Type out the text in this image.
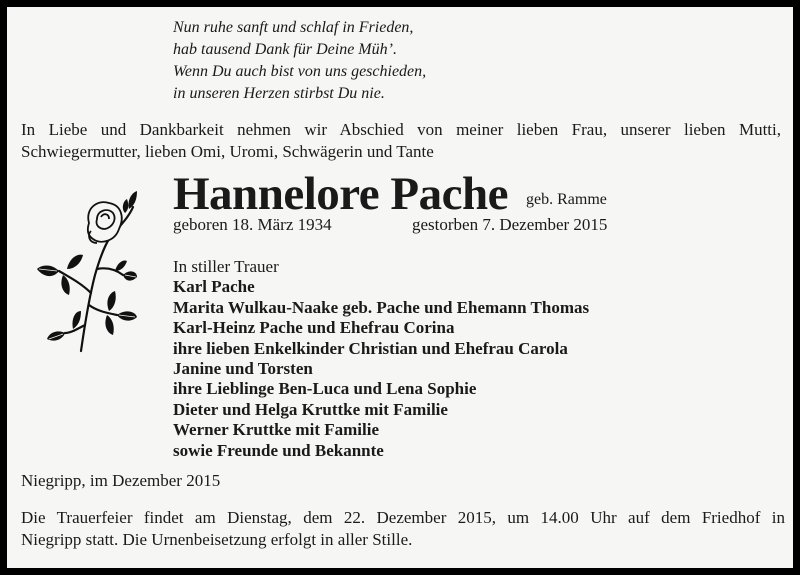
Nun ruhe sanft und schlaf in Frieden,
hab tausend Dank für Deine Müh’.
Wenn Du auch bist von uns geschieden,
in unseren Herzen stirbst Du nie.
In Liebe und Dankbarkeit nehmen wir Abschied von meiner lieben Frau, unserer lieben Mutti,
Schwiegermutter, lieben Omi, Uromi, Schwägerin und Tante
Hannelore Pache geb. Ramme
geboren 18. März 1934	gestorben 7. Dezember 2015
In stiller Trauer
Karl Pache
Marita Wulkau-Naake geb. Pache und Ehemann Thomas
Karl-Heinz Pache und Ehefrau Corina
ihre lieben Enkelkinder Christian und Ehefrau Carola
Janine und Torsten
ihre Lieblinge Ben-Luca und Lena Sophie
Dieter und Helga Kruttke mit Familie
Werner Kruttke mit Familie
sowie Freunde und Bekannte
Niegripp, im Dezember 2015
Die Trauerfeier findet am Dienstag, dem 22. Dezember 2015, um 14.00 Uhr auf dem Friedhof in
Niegripp statt. Die Urnenbeisetzung erfolgt in aller Stille.
